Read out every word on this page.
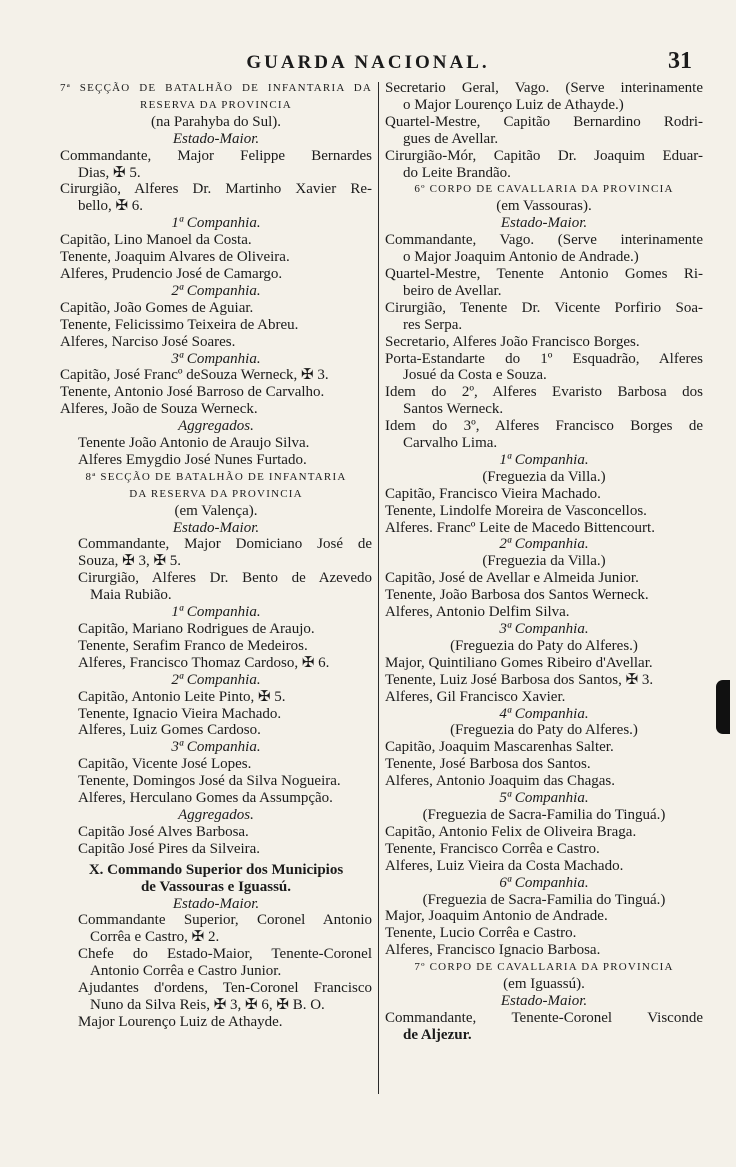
GUARDA NACIONAL.	31
7ª SEÇÇÃO DE BATALHÃO DE INFANTARIA DA
RESERVA DA PROVINCIA
(na Parahyba do Sul).
Estado-Maior.
Commandante, Major Felippe Bernardes
Dias, ✠ 5.
Cirurgião, Alferes Dr. Martinho Xavier Re-
bello, ✠ 6.
1ª Companhia.
Capitão, Lino Manoel da Costa.
Tenente, Joaquim Alvares de Oliveira.
Alferes, Prudencio José de Camargo.
2ª Companhia.
Capitão, João Gomes de Aguiar.
Tenente, Felicissimo Teixeira de Abreu.
Alferes, Narciso José Soares.
3ª Companhia.
Capitão, José Francº deSouza Werneck, ✠ 3.
Tenente, Antonio José Barroso de Carvalho.
Alferes, João de Souza Werneck.
Aggregados.
Tenente João Antonio de Araujo Silva.
Alferes Emygdio José Nunes Furtado.
8ª SECÇÃO DE BATALHÃO DE INFANTARIA
DA RESERVA DA PROVINCIA
(em Valença).
Estado-Maior.
Commandante, Major Domiciano José de
Souza, ✠ 3, ✠ 5.
Cirurgião, Alferes Dr. Bento de Azevedo
Maia Rubião.
1ª Companhia.
Capitão, Mariano Rodrigues de Araujo.
Tenente, Serafim Franco de Medeiros.
Alferes, Francisco Thomaz Cardoso, ✠ 6.
2ª Companhia.
Capitão, Antonio Leite Pinto, ✠ 5.
Tenente, Ignacio Vieira Machado.
Alferes, Luiz Gomes Cardoso.
3ª Companhia.
Capitão, Vicente José Lopes.
Tenente, Domingos José da Silva Nogueira.
Alferes, Herculano Gomes da Assumpção.
Aggregados.
Capitão José Alves Barbosa.
Capitão José Pires da Silveira.
X. Commando Superior dos Municipios
de Vassouras e Iguassú.
Estado-Maior.
Commandante Superior, Coronel Antonio
Corrêa e Castro, ✠ 2.
Chefe do Estado-Maior, Tenente-Coronel
Antonio Corrêa e Castro Junior.
Ajudantes d'ordens, Ten-Coronel Francisco
Nuno da Silva Reis, ✠ 3, ✠ 6, ✠ B. O.
Major Lourenço Luiz de Athayde.
Secretario Geral, Vago. (Serve interinamente
o Major Lourenço Luiz de Athayde.)
Quartel-Mestre, Capitão Bernardino Rodri-
gues de Avellar.
Cirurgião-Mór, Capitão Dr. Joaquim Eduar-
do Leite Brandão.
6º CORPO DE CAVALLARIA DA PROVINCIA
(em Vassouras).
Estado-Maior.
Commandante, Vago. (Serve interinamente
o Major Joaquim Antonio de Andrade.)
Quartel-Mestre, Tenente Antonio Gomes Ri-
beiro de Avellar.
Cirurgião, Tenente Dr. Vicente Porfirio Soa-
res Serpa.
Secretario, Alferes João Francisco Borges.
Porta-Estandarte do 1º Esquadrão, Alferes
Josué da Costa e Souza.
Idem do 2º, Alferes Evaristo Barbosa dos
Santos Werneck.
Idem do 3º, Alferes Francisco Borges de
Carvalho Lima.
1ª Companhia.
(Freguezia da Villa.)
Capitão, Francisco Vieira Machado.
Tenente, Lindolfe Moreira de Vasconcellos.
Alferes. Francº Leite de Macedo Bittencourt.
2ª Companhia.
(Freguezia da Villa.)
Capitão, José de Avellar e Almeida Junior.
Tenente, João Barbosa dos Santos Werneck.
Alferes, Antonio Delfim Silva.
3ª Companhia.
(Freguezia do Paty do Alferes.)
Major, Quintiliano Gomes Ribeiro d'Avellar.
Tenente, Luiz José Barbosa dos Santos, ✠ 3.
Alferes, Gil Francisco Xavier.
4ª Companhia.
(Freguezia do Paty do Alferes.)
Capitão, Joaquim Mascarenhas Salter.
Tenente, José Barbosa dos Santos.
Alferes, Antonio Joaquim das Chagas.
5ª Companhia.
(Freguezia de Sacra-Familia do Tinguá.)
Capitão, Antonio Felix de Oliveira Braga.
Tenente, Francisco Corrêa e Castro.
Alferes, Luiz Vieira da Costa Machado.
6ª Companhia.
(Freguezia de Sacra-Familia do Tinguá.)
Major, Joaquim Antonio de Andrade.
Tenente, Lucio Corrêa e Castro.
Alferes, Francisco Ignacio Barbosa.
7º CORPO DE CAVALLARIA DA PROVINCIA
(em Iguassú).
Estado-Maior.
Commandante, Tenente-Coronel Visconde
de Aljezur.
